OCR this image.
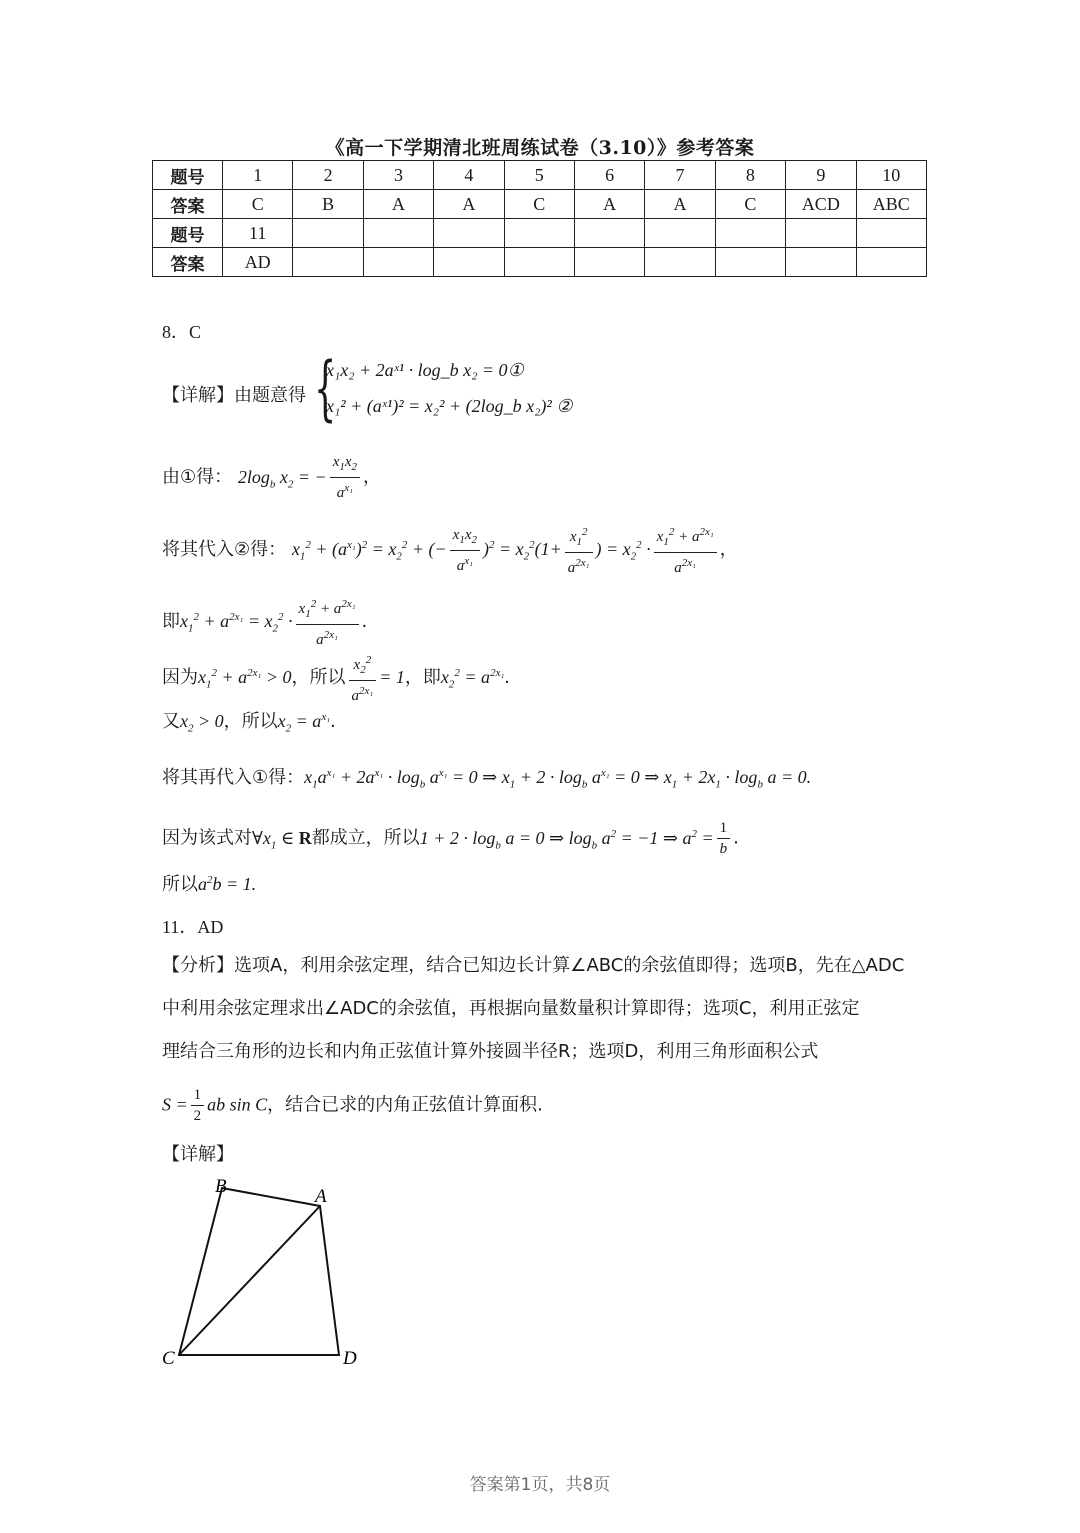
《高一下学期清北班周练试卷（3.10）》参考答案
题号	1	2	3	4	5	6	7	8	9	10
答案	C	B	A	A	C	A	A	C	ACD	ABC
题号	11									
答案	AD									
8．C
【详解】由题意得 {
x₁x₂ + 2aˣ¹ · log_b x₂ = 0①
x₁² + (aˣ¹)² = x₂² + (2log_b x₂)² ②
由①得： $2\log_b$ $x_2$ = − $\frac{x_1x_2}{a^{x_1}}$ ，
将其代入②得： $x_1^2 + (a^{x_1})^2 = x_2^2$ + (− $\frac{x_1x_2}{a^{x_1}} )^2 = x_2^2(1+ \frac{x_1^2}{a^{2x_1}}$ ) = $x_2^2 \cdot \frac{x_1^2 + a^{2x_1}}{a^{2x_1}}$ ，
即$x_1^2 + a^{2x_1} = x_2^2 \cdot \frac{x_1^2 + a^{2x_1}}{a^{2x_1}}$ .
因为$x_1^2 + a^{2x_1} > 0$，所以 $\frac{x_2^2}{a^{2x_1}} = 1$，即$x_2^2 = a^{2x_1}$.
又$x_2 > 0$，所以$x_2 = a^{x_1}$.
将其再代入①得：$x_1a^{x_1} + 2a^{x_1} \cdot \log_b a^{x_1} = 0$ ⇒ $x_1 + 2 \cdot \log_b a^{x_1} = 0$ ⇒ $x_1 + 2x_1 \cdot \log_b a = 0$.
因为该式对$\forall x_1$ ∈ R都成立，所以$1 + 2 \cdot \log_b a = 0$ ⇒ $\log_b a^2 = -1$ ⇒ $a^2 = \frac{1}{b}$ .
所以$a^2b = 1$.
11．AD
【分析】选项A，利用余弦定理，结合已知边长计算∠ABC的余弦值即得；选项B，先在△ADC
中利用余弦定理求出∠ADC的余弦值，再根据向量数量积计算即得；选项C，利用正弦定
理结合三角形的边长和内角正弦值计算外接圆半径R；选项D，利用三角形面积公式
$S = \frac{1}{2}$ ab sin C，结合已求的内角正弦值计算面积.
【详解】
B	A
C	D
答案第1页，共8页
